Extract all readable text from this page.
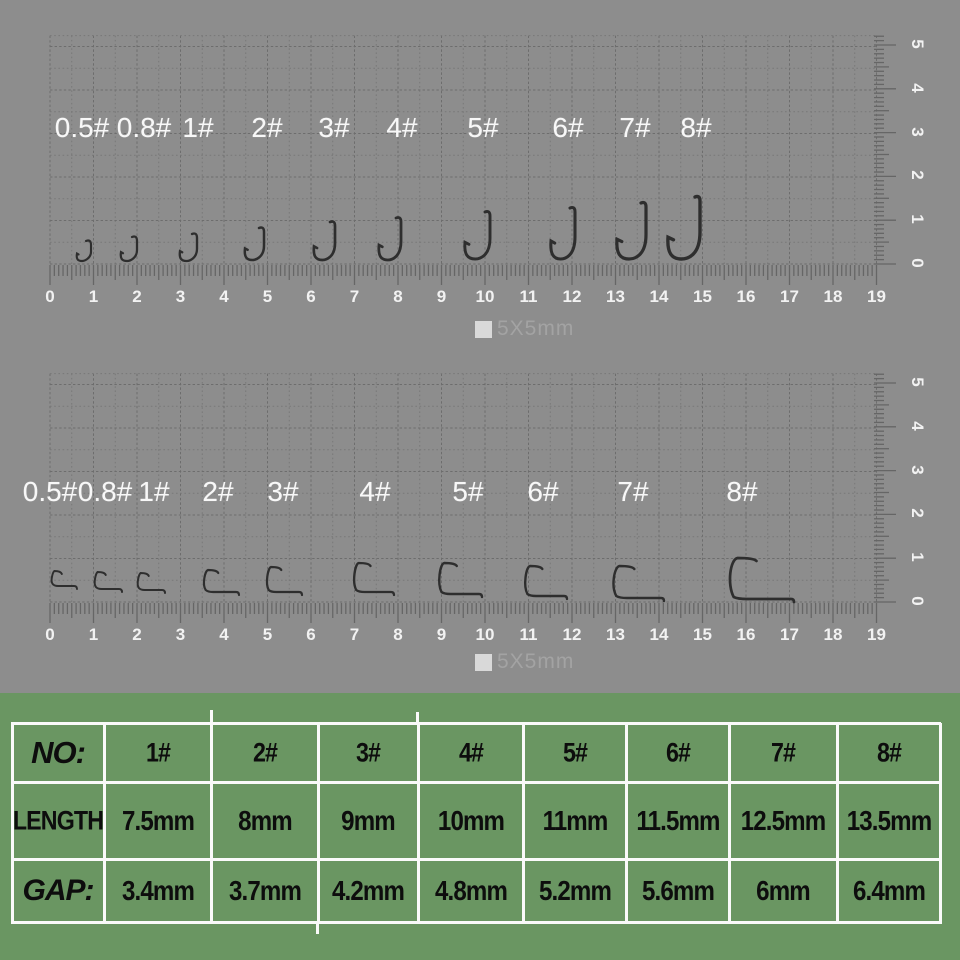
NO: 1#	2#	3#	4#	5#	6#	7#	8#
LENGTH 7.5mm 8mm 9mm 10mm 11mm 11.5mm 12.5mm 13.5mm
GAP: 3.4mm 3.7mm 4.2mm 4.8mm 5.2mm 5.6mm 6mm 6.4mm
0.5# 0.8# 1# 2# 3# 4# 5# 6# 7# 8#
0 1 2 3 4 5 6 7 8 9 10 11 12 13 14 15 16 17 18 19
0
1
2
3
4
5
0.5# 0.8# 1# 2# 3# 4# 5# 6# 7#	8#
0 1 2 3 4 5 6 7 8 9 10 11 12 13 14 15 16 17 18 19
0
1
2
3
4
5
5X5mm
5X5mm
